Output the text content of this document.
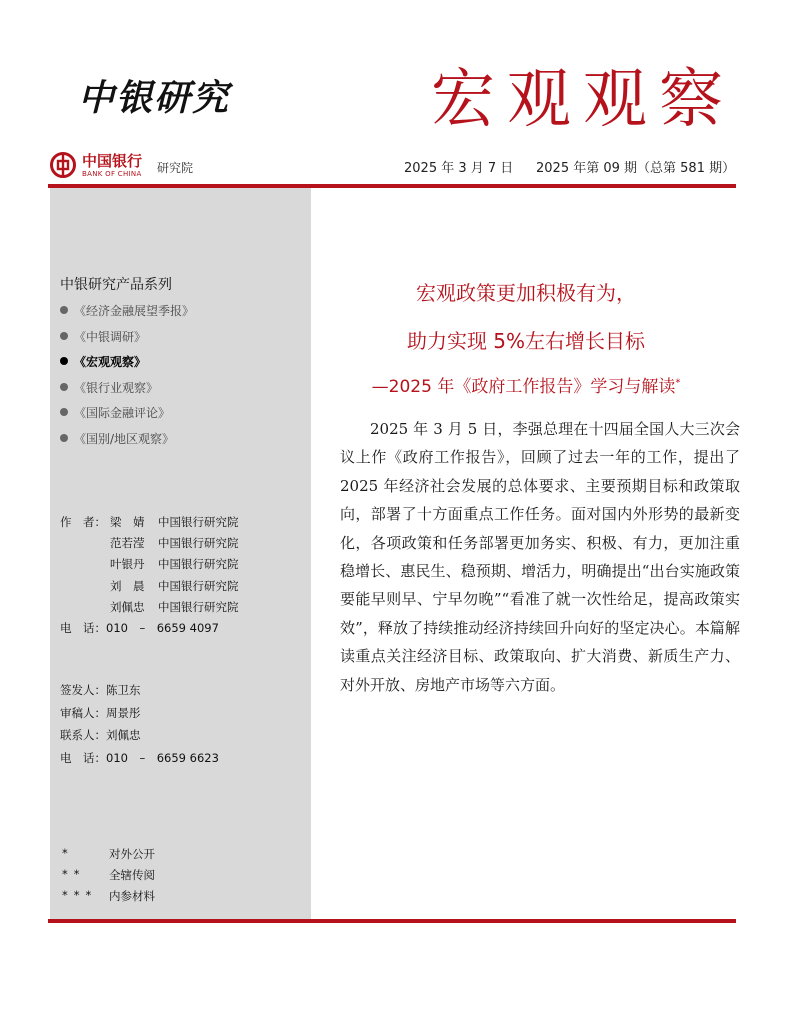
中银研究	宏观观察
中国银行
BANK OF CHINA 研究院	2025 年 3 月 7 日 2025 年第 09 期（总第 581 期）
中银研究产品系列
《经济金融展望季报》
《中银调研》
《宏观观察》
《银行业观察》
《国际金融评论》
《国别/地区观察》
作　者： 梁　婧 中国银行研究院
范若滢 中国银行研究院
叶银丹 中国银行研究院
刘　晨 中国银行研究院
刘佩忠 中国银行研究院
电　话：010　–　6659 4097
签发人：陈卫东
审稿人：周景彤
联系人：刘佩忠
电　话：010　–　6659 6623
*	对外公开
** 全辖传阅
*** 内参材料
宏观政策更加积极有为，
助力实现 5%左右增长目标
—2025 年《政府工作报告》学习与解读*

2025 年 3 月 5 日，李强总理在十四届全国人大三次会议上作《政府工作报告》，回顾了过去一年的工作，提出了 2025 年经济社会发展的总体要求、主要预期目标和政策取向，部署了十方面重点工作任务。面对国内外形势的最新变化，各项政策和任务部署更加务实、积极、有力，更加注重稳增长、惠民生、稳预期、增活力，明确提出“出台实施政策要能早则早、宁早勿晚”“看准了就一次性给足，提高政策实效”，释放了持续推动经济持续回升向好的坚定决心。本篇解读重点关注经济目标、政策取向、扩大消费、新质生产力、对外开放、房地产市场等六方面。
